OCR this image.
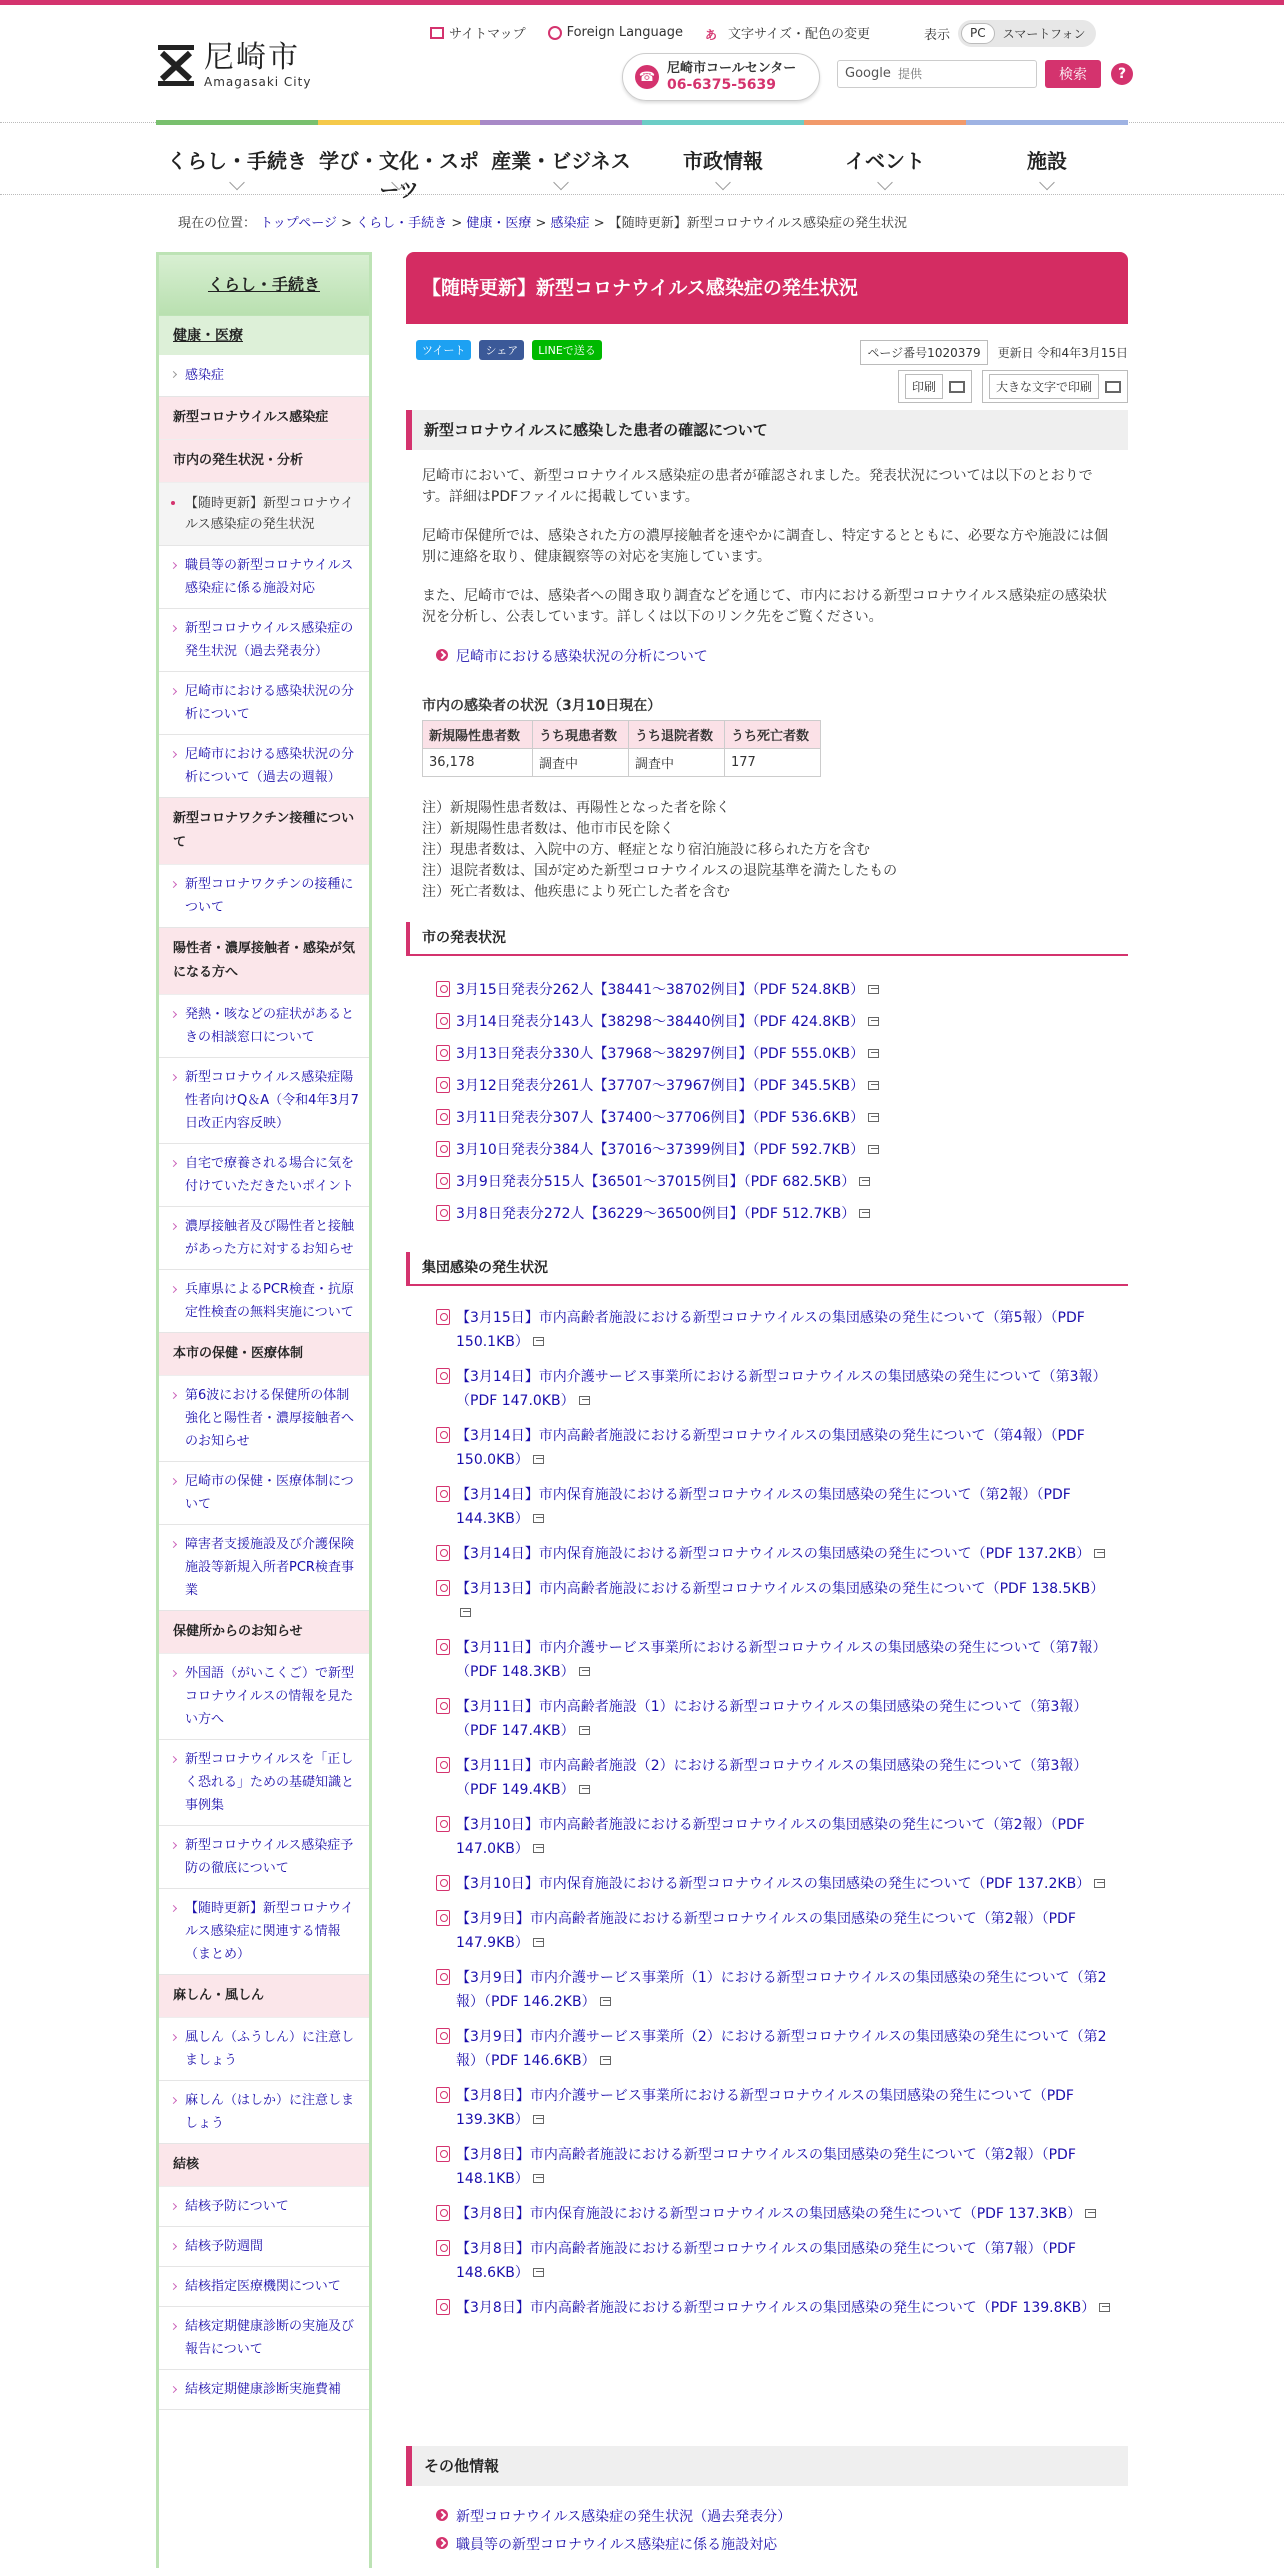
尼崎市
Amagasaki City
サイトマップ	Foreign Language あ 文字サイズ・配色の変更	表示	PC	スマートフォン
☎
尼崎市コールセンター
06-6375-5639
Google
提供	検索	?
くらし・手続き 学び・文化・スポーツ
産業・ビジネス	市政情報	イベント	施設
現在の位置： トップページ > くらし・手続き > 健康・医療 > 感染症 > 【随時更新】新型コロナウイルス感染症の発生状況
くらし・手続き
健康・医療
感染症
新型コロナウイルス感染症
市内の発生状況・分析
【随時更新】新型コロナウイルス感染症の発生状況
職員等の新型コロナウイルス感染症に係る施設対応
新型コロナウイルス感染症の発生状況（過去発表分）
尼崎市における感染状況の分析について
尼崎市における感染状況の分析について（過去の週報）
新型コロナワクチン接種について
新型コロナワクチンの接種について
陽性者・濃厚接触者・感染が気になる方へ
発熱・咳などの症状があるときの相談窓口について
新型コロナウイルス感染症陽性者向けQ＆A（令和4年3月7日改正内容反映）
自宅で療養される場合に気を付けていただきたいポイント
濃厚接触者及び陽性者と接触があった方に対するお知らせ
兵庫県によるPCR検査・抗原定性検査の無料実施について
本市の保健・医療体制
第6波における保健所の体制強化と陽性者・濃厚接触者へのお知らせ
尼崎市の保健・医療体制について
障害者支援施設及び介護保険施設等新規入所者PCR検査事業
保健所からのお知らせ
外国語（がいこくご）で新型コロナウイルスの情報を見たい方へ
新型コロナウイルスを「正しく恐れる」ための基礎知識と事例集
新型コロナウイルス感染症予防の徹底について
【随時更新】新型コロナウイルス感染症に関連する情報（まとめ）
麻しん・風しん
風しん（ふうしん）に注意しましょう
麻しん（はしか）に注意しましょう
結核
結核予防について
結核予防週間
結核指定医療機関について
結核定期健康診断の実施及び報告について
結核定期健康診断実施費補
【随時更新】新型コロナウイルス感染症の発生状況
ツイート	シェア	LINEで送る	ページ番号1020379	更新日 令和4年3月15日
印刷	大きな文字で印刷
新型コロナウイルスに感染した患者の確認について
尼崎市において、新型コロナウイルス感染症の患者が確認されました。発表状況については以下のとおりです。詳細はPDFファイルに掲載しています。
尼崎市保健所では、感染された方の濃厚接触者を速やかに調査し、特定するとともに、必要な方や施設には個別に連絡を取り、健康観察等の対応を実施しています。
また、尼崎市では、感染者への聞き取り調査などを通じて、市内における新型コロナウイルス感染症の感染状況を分析し、公表しています。詳しくは以下のリンク先をご覧ください。
尼崎市における感染状況の分析について
市内の感染者の状況（3月10日現在）
新規陽性患者数	うち現患者数	うち退院者数	うち死亡者数
36,178	調査中	調査中	177
注）新規陽性患者数は、再陽性となった者を除く
注）新規陽性患者数は、他市市民を除く
注）現患者数は、入院中の方、軽症となり宿泊施設に移られた方を含む
注）退院者数は、国が定めた新型コロナウイルスの退院基準を満たしたもの
注）死亡者数は、他疾患により死亡した者を含む
市の発表状況
3月15日発表分262人【38441～38702例目】（PDF 524.8KB）
3月14日発表分143人【38298～38440例目】（PDF 424.8KB）
3月13日発表分330人【37968～38297例目】（PDF 555.0KB）
3月12日発表分261人【37707～37967例目】（PDF 345.5KB）
3月11日発表分307人【37400～37706例目】（PDF 536.6KB）
3月10日発表分384人【37016～37399例目】（PDF 592.7KB）
3月9日発表分515人【36501～37015例目】（PDF 682.5KB）
3月8日発表分272人【36229～36500例目】（PDF 512.7KB）
集団感染の発生状況
【3月15日】市内高齢者施設における新型コロナウイルスの集団感染の発生について（第5報）（PDF 150.1KB）
【3月14日】市内介護サービス事業所における新型コロナウイルスの集団感染の発生について（第3報）（PDF 147.0KB）
【3月14日】市内高齢者施設における新型コロナウイルスの集団感染の発生について（第4報）（PDF 150.0KB）
【3月14日】市内保育施設における新型コロナウイルスの集団感染の発生について（第2報）（PDF 144.3KB）
【3月14日】市内保育施設における新型コロナウイルスの集団感染の発生について（PDF 137.2KB）
【3月13日】市内高齢者施設における新型コロナウイルスの集団感染の発生について（PDF 138.5KB）
【3月11日】市内介護サービス事業所における新型コロナウイルスの集団感染の発生について（第7報）（PDF 148.3KB）
【3月11日】市内高齢者施設（1）における新型コロナウイルスの集団感染の発生について（第3報）（PDF 147.4KB）
【3月11日】市内高齢者施設（2）における新型コロナウイルスの集団感染の発生について（第3報）（PDF 149.4KB）
【3月10日】市内高齢者施設における新型コロナウイルスの集団感染の発生について（第2報）（PDF 147.0KB）
【3月10日】市内保育施設における新型コロナウイルスの集団感染の発生について（PDF 137.2KB）
【3月9日】市内高齢者施設における新型コロナウイルスの集団感染の発生について（第2報）（PDF 147.9KB）
【3月9日】市内介護サービス事業所（1）における新型コロナウイルスの集団感染の発生について（第2報）（PDF 146.2KB）
【3月9日】市内介護サービス事業所（2）における新型コロナウイルスの集団感染の発生について（第2報）（PDF 146.6KB）
【3月8日】市内介護サービス事業所における新型コロナウイルスの集団感染の発生について（PDF 139.3KB）
【3月8日】市内高齢者施設における新型コロナウイルスの集団感染の発生について（第2報）（PDF 148.1KB）
【3月8日】市内保育施設における新型コロナウイルスの集団感染の発生について（PDF 137.3KB）
【3月8日】市内高齢者施設における新型コロナウイルスの集団感染の発生について（第7報）（PDF 148.6KB）
【3月8日】市内高齢者施設における新型コロナウイルスの集団感染の発生について（PDF 139.8KB）
その他情報
新型コロナウイルス感染症の発生状況（過去発表分）
職員等の新型コロナウイルス感染症に係る施設対応
